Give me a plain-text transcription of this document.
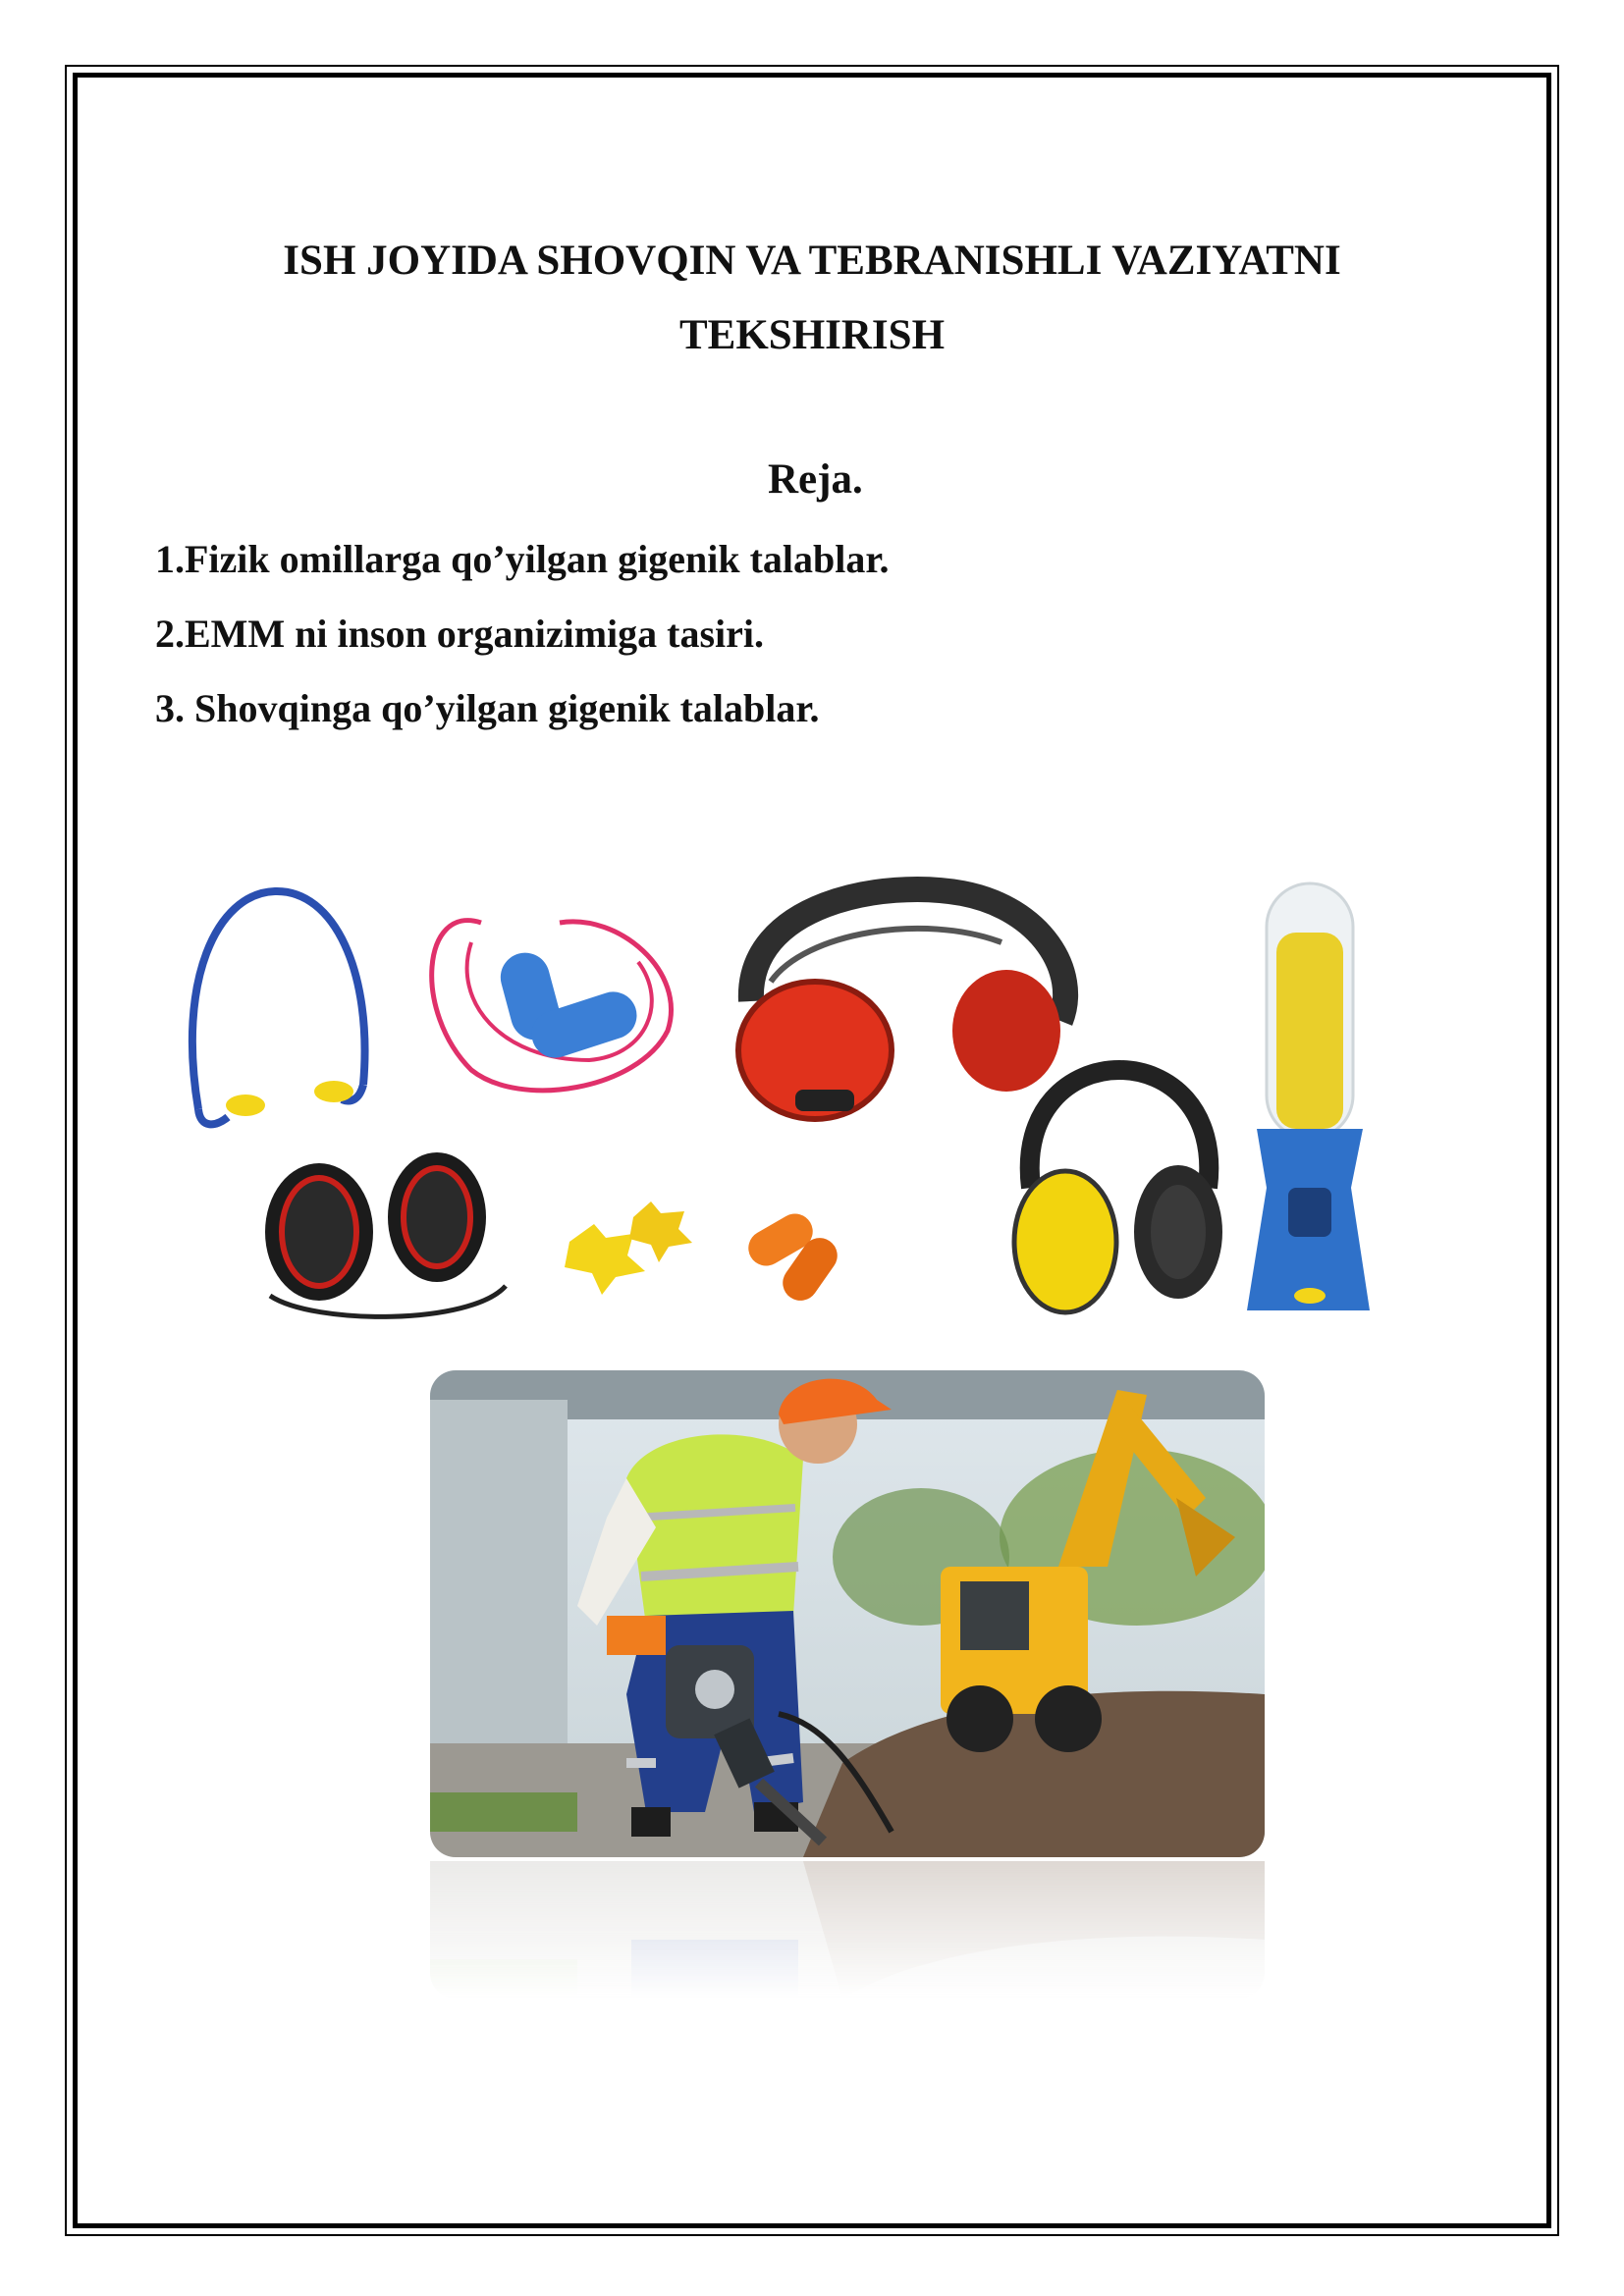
ISH JOYIDA SHOVQIN VA TEBRANISHLI VAZIYATNI
TEKSHIRISH

Reja.

1.Fizik omillarga qo’yilgan gigenik talablar.
2.EMM ni inson organizimiga tasiri.
3. Shovqinga qo’yilgan gigenik talablar.
